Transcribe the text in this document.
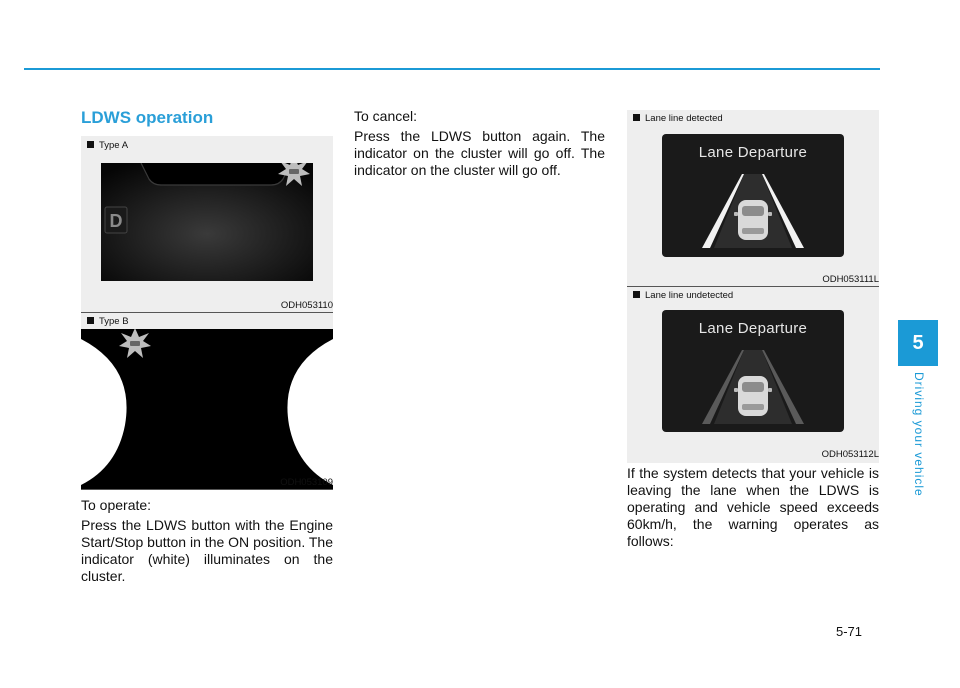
LDWS operation
Type A
D
ODH053110
Type B
ODH053109
To operate:

Press the LDWS button with the Engine Start/Stop button in the ON position. The indicator (white) illuminates on the cluster.

To cancel:

Press the LDWS button again. The indicator on the cluster will go off. The indicator on the cluster will go off.

Lane line detected
Lane Departure
ODH053111L
Lane line undetected
Lane Departure
ODH053112L

If the system detects that your vehicle is leaving the lane when the LDWS is operating and vehicle speed exceeds 60km/h, the warning operates as follows:

5
Driving your vehicle
5-71
